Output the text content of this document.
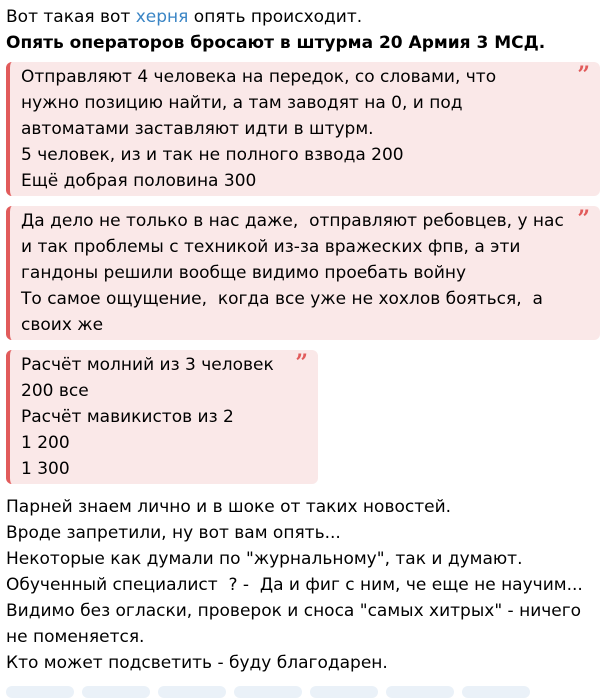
Вот такая вот херня опять происходит.

Опять операторов бросают в штурма 20 Армия 3 МСД.

”

Отправляют 4 человека на передок, со словами, что

нужно позицию найти, а там заводят на 0, и под

автоматами заставляют идти в штурм.

5 человек, из и так не полного взвода 200

Ещё добрая половина 300

”

Да дело не только в нас даже,  отправляют ребовцев, у нас

и так проблемы с техникой из-за вражеских фпв, а эти

гандоны решили вообще видимо проебать войну

То самое ощущение,  когда все уже не хохлов бояться,  а

своих же

”

Расчёт молний из 3 человек

200 все

Расчёт мавикистов из 2

1 200

1 300

Парней знаем лично и в шоке от таких новостей.

Вроде запретили, ну вот вам опять...

Некоторые как думали по "журнальному", так и думают.

Обученный специалист  ? -  Да и фиг с ним, че еще не научим...

Видимо без огласки, проверок и сноса "самых хитрых" - ничего

не поменяется.

Кто может подсветить - буду благодарен.
